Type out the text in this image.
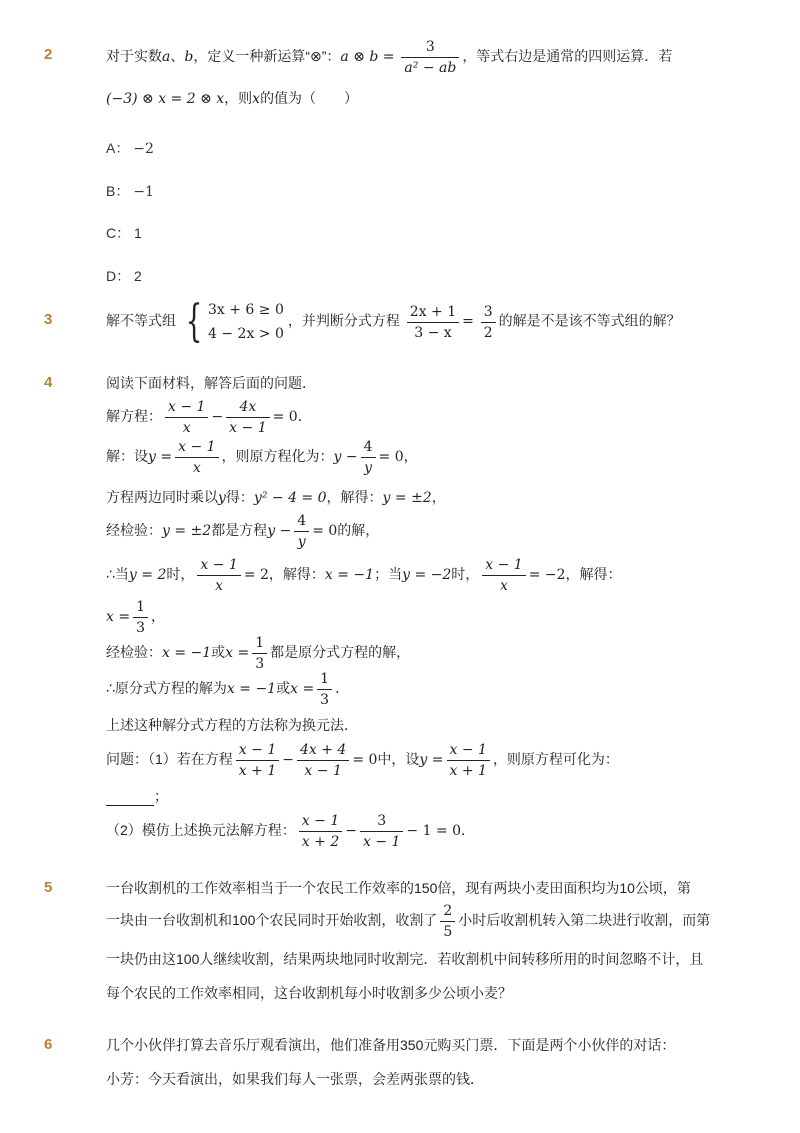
2	对于实数a、b，定义一种新运算“⊗”：a ⊗ $b = \frac{3}{\text{a² − ab}}$ ，等式右边是通常的四则运算．若
(−3) ⊗ x = 2 ⊗ x，则x的值为（　　）
A： −2
B： −1
C： 1
D： 2
3	解不等式组 { 3x + 6 ≥ 0
4 − 2x > 0
，并判断分式方程 $\frac{2x + 1}{3 - x} = \frac{3}{2}$ 的解是不是该不等式组的解？
4	阅读下面材料，解答后面的问题．
解方程： $\frac{x - 1}{x} - \frac{4x}{x - 1} = 0$．
解：设$y = \frac{x - 1}{x}$ ，则原方程化为：$y - \frac{4}{y} = 0$，
方程两边同时乘以y得：y² − 4 = 0，解得：y = ±2，
经检验：y = ±2都是方程$y - \frac{4}{y} = 0$的解，
∴当y = 2时， $\frac{x - 1}{x} = 2$，解得：x = −1；当y = −2时， $\frac{x - 1}{x} = -2$，解得：
$x = \frac{1}{3}$ ，
经检验：x = −1或$x = \frac{1}{3}$ 都是原分式方程的解，
∴原分式方程的解为x = −1或$x = \frac{1}{3}$ ．
上述这种解分式方程的方法称为换元法．
问题：（1）若在方程 $\frac{x - 1}{x + 1} - \frac{4x + 4}{x - 1} = 0$中，设$y = \frac{x - 1}{x + 1}$ ，则原方程可化为：
；
（2）模仿上述换元法解方程： $\frac{x - 1}{x + 2} - \frac{3}{x - 1} - 1 = 0$．
5	一台收割机的工作效率相当于一个农民工作效率的150倍，现有两块小麦田面积均为10公顷，第
一块由一台收割机和100个农民同时开始收割，收割了 $\frac{2}{5}$ 小时后收割机转入第二块进行收割，而第
一块仍由这100人继续收割，结果两块地同时收割完．若收割机中间转移所用的时间忽略不计，且
每个农民的工作效率相同，这台收割机每小时收割多少公顷小麦？
6	几个小伙伴打算去音乐厅观看演出，他们准备用350元购买门票．下面是两个小伙伴的对话：
小芳：今天看演出，如果我们每人一张票，会差两张票的钱．
